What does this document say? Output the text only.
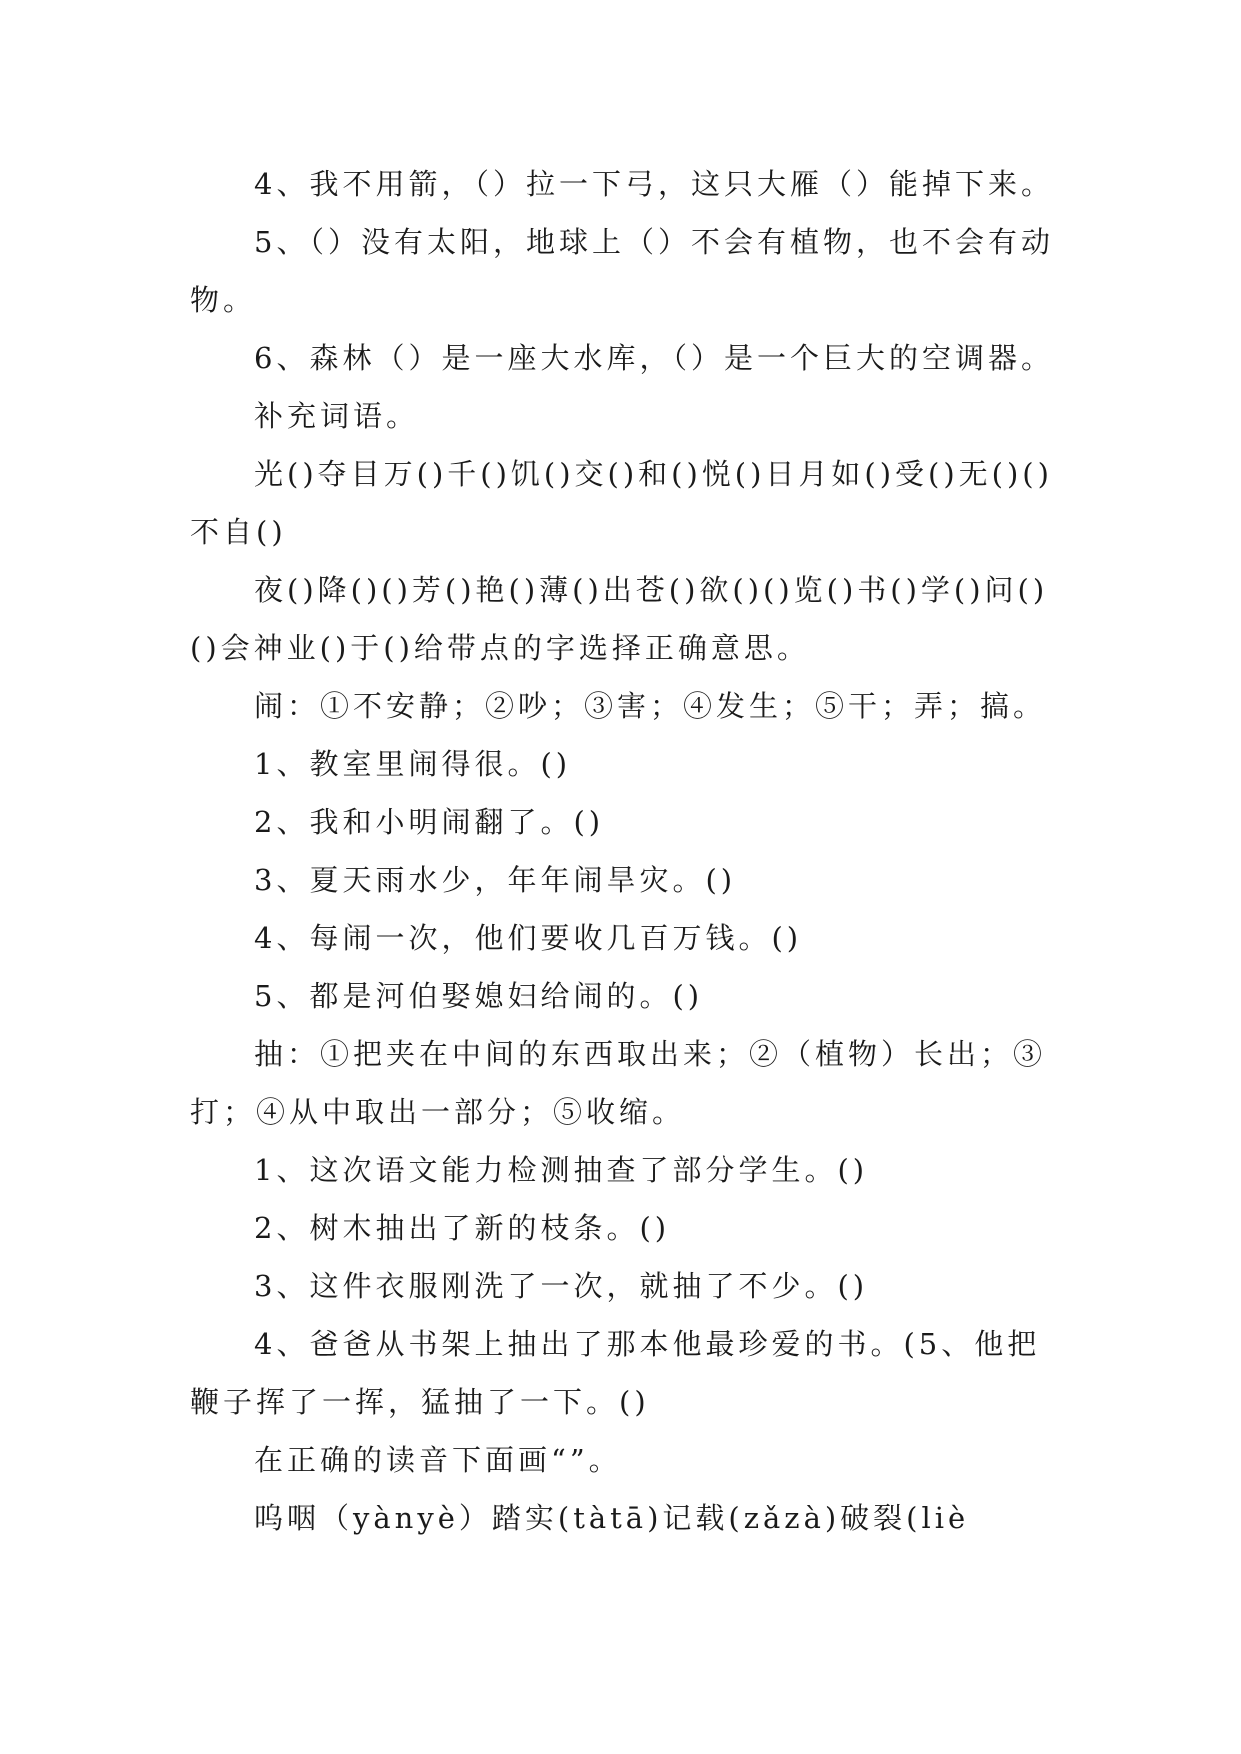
4、我不用箭，（）拉一下弓，这只大雁（）能掉下来。

5、（）没有太阳，地球上（）不会有植物，也不会有动物。

6、森林（）是一座大水库，（）是一个巨大的空调器。

补充词语。

光()夺目万()千()饥()交()和()悦()日月如()受()无()()不自()

夜()降()()芳()艳()薄()出苍()欲()()览()书()学()问()()会神业()于()给带点的字选择正确意思。

闹：①不安静；②吵；③害；④发生；⑤干；弄；搞。

1、教室里闹得很。()

2、我和小明闹翻了。()

3、夏天雨水少，年年闹旱灾。()

4、每闹一次，他们要收几百万钱。()

5、都是河伯娶媳妇给闹的。()

抽：①把夹在中间的东西取出来；②（植物）长出；③打；④从中取出一部分；⑤收缩。

1、这次语文能力检测抽查了部分学生。()

2、树木抽出了新的枝条。()

3、这件衣服刚洗了一次，就抽了不少。()

4、爸爸从书架上抽出了那本他最珍爱的书。(5、他把鞭子挥了一挥，猛抽了一下。()

在正确的读音下面画“”。

呜咽（yànyè）踏实(tàtā)记载(zǎzà)破裂(liè
